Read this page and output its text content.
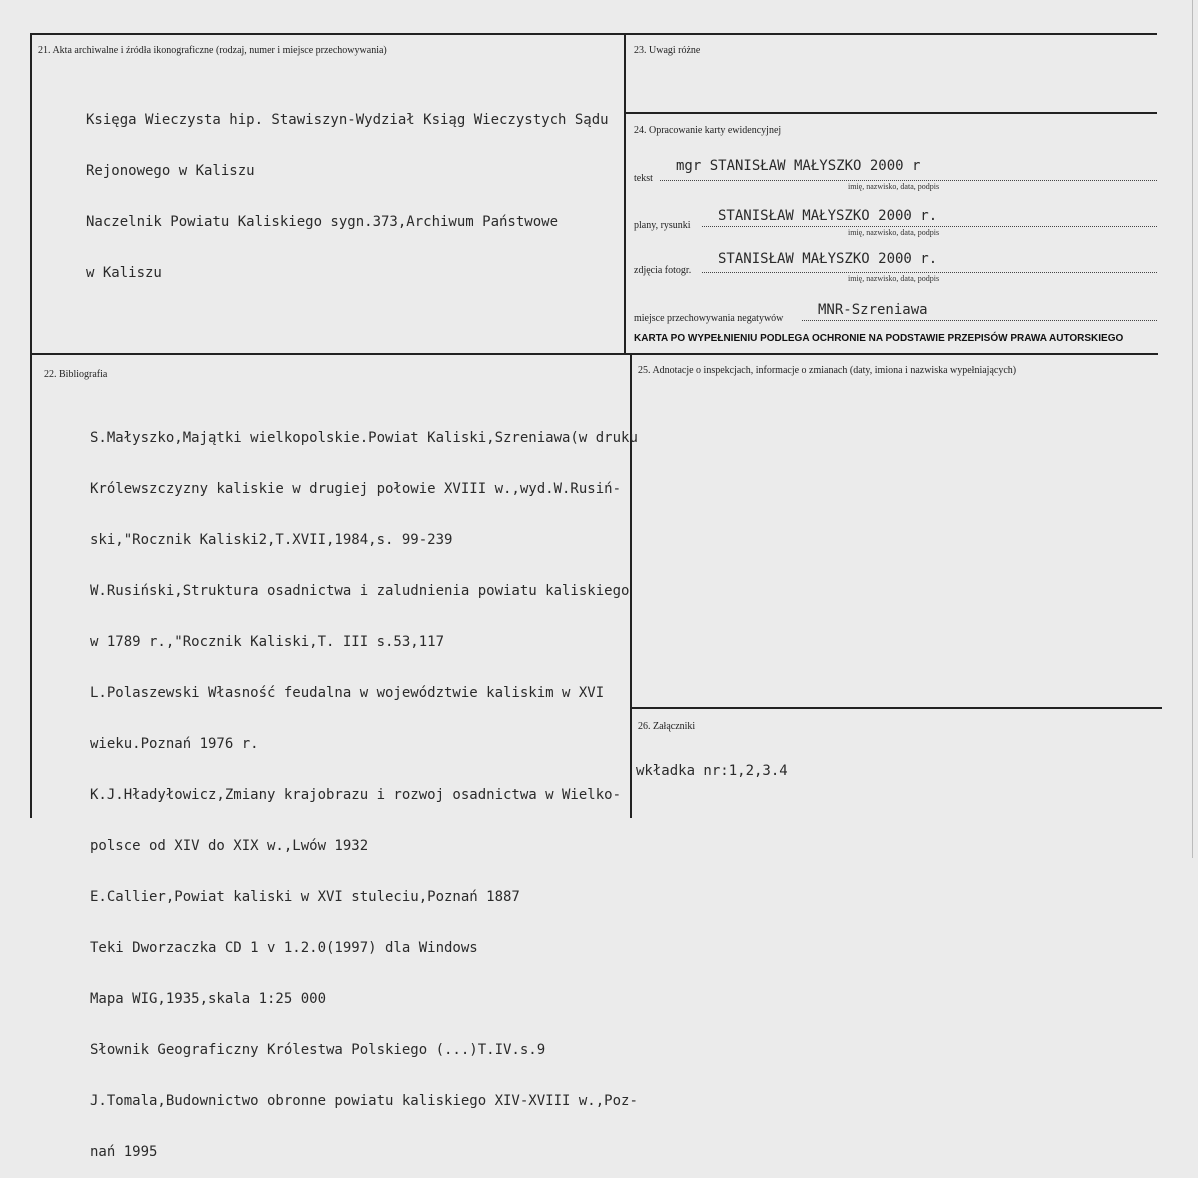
21. Akta archiwalne i źródła ikonograficzne (rodzaj, numer i miejsce przechowywania)

Księga Wieczysta hip. Stawiszyn-Wydział Ksiąg Wieczystych Sądu

Rejonowego w Kaliszu

Naczelnik Powiatu Kaliskiego sygn.373,Archiwum Państwowe

w Kaliszu

23. Uwagi różne
24. Opracowanie karty ewidencyjnej
mgr STANISŁAW MAŁYSZKO 2000 r
tekst
imię, nazwisko, data, podpis
STANISŁAW MAŁYSZKO 2000 r.
plany, rysunki
imię, nazwisko, data, podpis
STANISŁAW MAŁYSZKO 2000 r.
zdjęcia fotogr.
imię, nazwisko, data, podpis
MNR-Szreniawa
miejsce przechowywania negatywów
KARTA PO WYPEŁNIENIU PODLEGA OCHRONIE NA PODSTAWIE PRZEPISÓW PRAWA AUTORSKIEGO
22. Bibliografia

S.Małyszko,Majątki wielkopolskie.Powiat Kaliski,Szreniawa(w druku

Królewszczyzny kaliskie w drugiej połowie XVIII w.,wyd.W.Rusiń-

ski,"Rocznik Kaliski2,T.XVII,1984,s. 99-239

W.Rusiński,Struktura osadnictwa i zaludnienia powiatu kaliskiego

w 1789 r.,"Rocznik Kaliski,T. III s.53,117

L.Polaszewski Własność feudalna w województwie kaliskim w XVI

wieku.Poznań 1976 r.

K.J.Hładyłowicz,Zmiany krajobrazu i rozwoj osadnictwa w Wielko-

polsce od XIV do XIX w.,Lwów 1932

E.Callier,Powiat kaliski w XVI stuleciu,Poznań 1887

Teki Dworzaczka CD 1 v 1.2.0(1997) dla Windows

Mapa WIG,1935,skala 1:25 000

Słownik Geograficzny Królestwa Polskiego (...)T.IV.s.9

J.Tomala,Budownictwo obronne powiatu kaliskiego XIV-XVIII w.,Poz-

nań 1995

25. Adnotacje o inspekcjach, informacje o zmianach (daty, imiona i nazwiska wypełniających)
26. Załączniki
wkładka nr:1,2,3.4
